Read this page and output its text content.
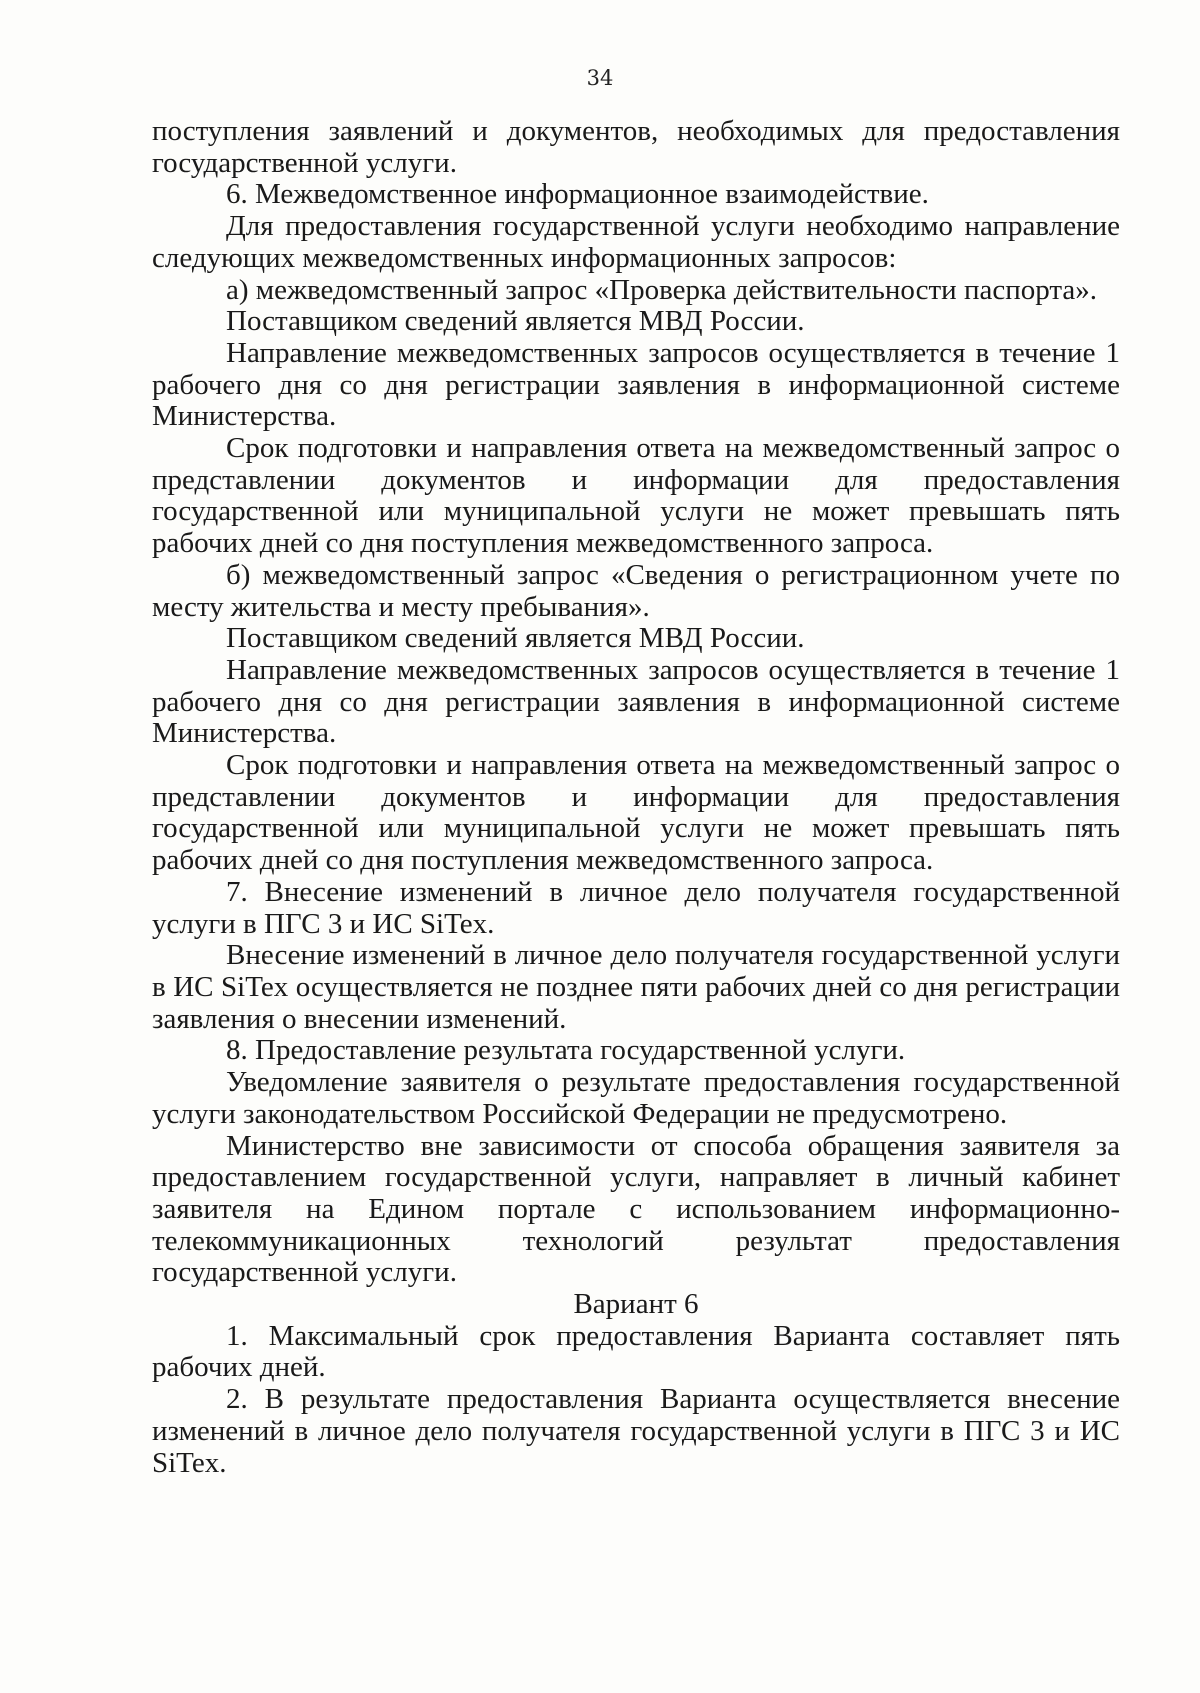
34

поступления заявлений и документов, необходимых для предоставления государственной услуги.

6. Межведомственное информационное взаимодействие.

Для предоставления государственной услуги необходимо направление следующих межведомственных информационных запросов:

а) межведомственный запрос «Проверка действительности паспорта».

Поставщиком сведений является МВД России.

Направление межведомственных запросов осуществляется в течение 1 рабочего дня со дня регистрации заявления в информационной системе Министерства.

Срок подготовки и направления ответа на межведомственный запрос о представлении документов и информации для предоставления государственной или муниципальной услуги не может превышать пять рабочих дней со дня поступления межведомственного запроса.

б) межведомственный запрос «Сведения о регистрационном учете по месту жительства и месту пребывания».

Поставщиком сведений является МВД России.

Направление межведомственных запросов осуществляется в течение 1 рабочего дня со дня регистрации заявления в информационной системе Министерства.

Срок подготовки и направления ответа на межведомственный запрос о представлении документов и информации для предоставления государственной или муниципальной услуги не может превышать пять рабочих дней со дня поступления межведомственного запроса.

7. Внесение изменений в личное дело получателя государственной услуги в ПГС 3 и ИС SiTex.

Внесение изменений в личное дело получателя государственной услуги в ИС SiTex осуществляется не позднее пяти рабочих дней со дня регистрации заявления о внесении изменений.

8. Предоставление результата государственной услуги.

Уведомление заявителя о результате предоставления государственной услуги законодательством Российской Федерации не предусмотрено.

Министерство вне зависимости от способа обращения заявителя за предоставлением государственной услуги, направляет в личный кабинет заявителя на Едином портале с использованием информационно-телекоммуникационных технологий результат предоставления государственной услуги.

Вариант 6

1. Максимальный срок предоставления Варианта составляет пять рабочих дней.

2. В результате предоставления Варианта осуществляется внесение изменений в личное дело получателя государственной услуги в ПГС 3 и ИС SiTex.
